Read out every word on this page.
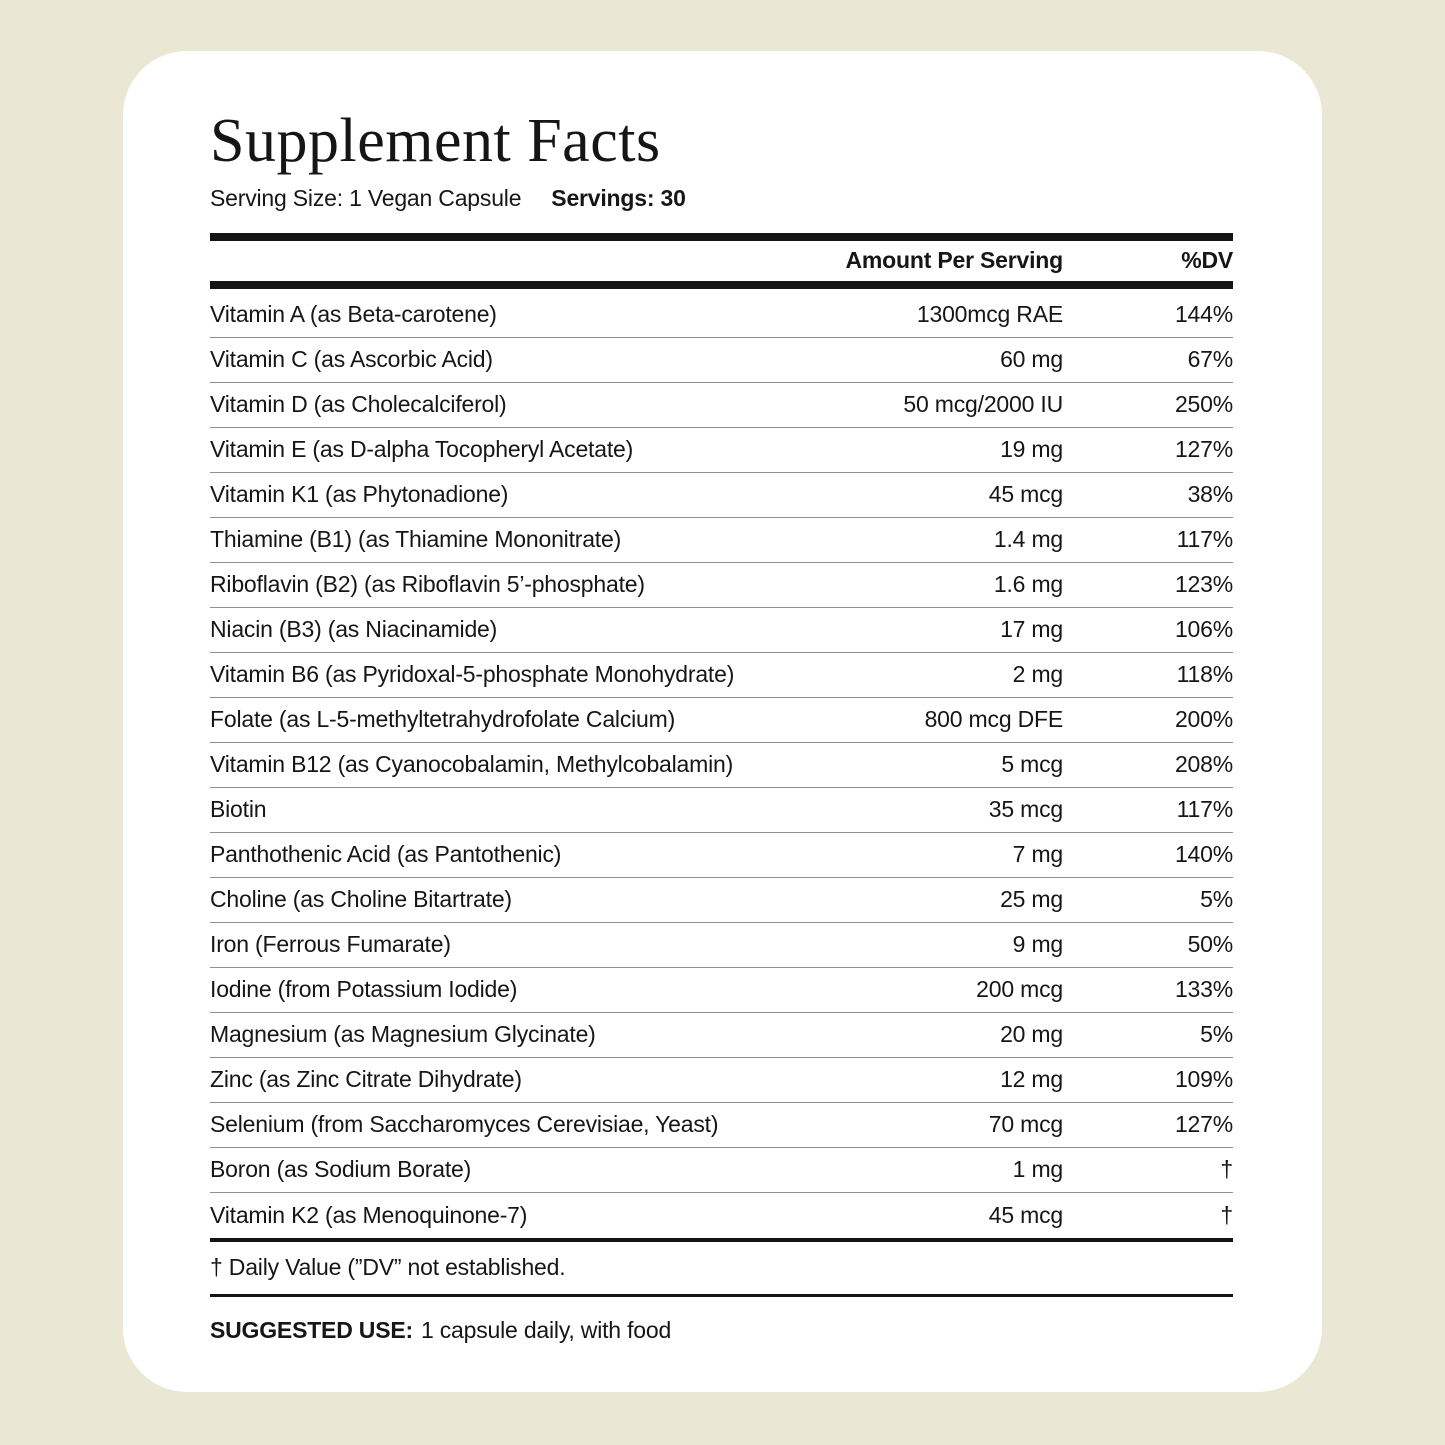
Supplement Facts
Serving Size: 1 Vegan Capsule Servings: 30
Amount Per Serving	%DV
Vitamin A (as Beta-carotene)	1300mcg RAE	144%
Vitamin C (as Ascorbic Acid)	60 mg	67%
Vitamin D (as Cholecalciferol)	50 mcg/2000 IU	250%
Vitamin E (as D-alpha Tocopheryl Acetate)	19 mg	127%
Vitamin K1 (as Phytonadione)	45 mcg	38%
Thiamine (B1) (as Thiamine Mononitrate)	1.4 mg	117%
Riboflavin (B2) (as Riboflavin 5’-phosphate)	1.6 mg	123%
Niacin (B3) (as Niacinamide)	17 mg	106%
Vitamin B6 (as Pyridoxal-5-phosphate Monohydrate)	2 mg	118%
Folate (as L-5-methyltetrahydrofolate Calcium)	800 mcg DFE	200%
Vitamin B12 (as Cyanocobalamin, Methylcobalamin)	5 mcg	208%
Biotin	35 mcg	117%
Panthothenic Acid (as Pantothenic)	7 mg	140%
Choline (as Choline Bitartrate)	25 mg	5%
Iron (Ferrous Fumarate)	9 mg	50%
Iodine (from Potassium Iodide)	200 mcg	133%
Magnesium (as Magnesium Glycinate)	20 mg	5%
Zinc (as Zinc Citrate Dihydrate)	12 mg	109%
Selenium (from Saccharomyces Cerevisiae, Yeast)	70 mcg	127%
Boron (as Sodium Borate)	1 mg	†
Vitamin K2 (as Menoquinone-7)	45 mcg	†
† Daily Value (”DV” not established.
SUGGESTED USE: 1 capsule daily, with food
